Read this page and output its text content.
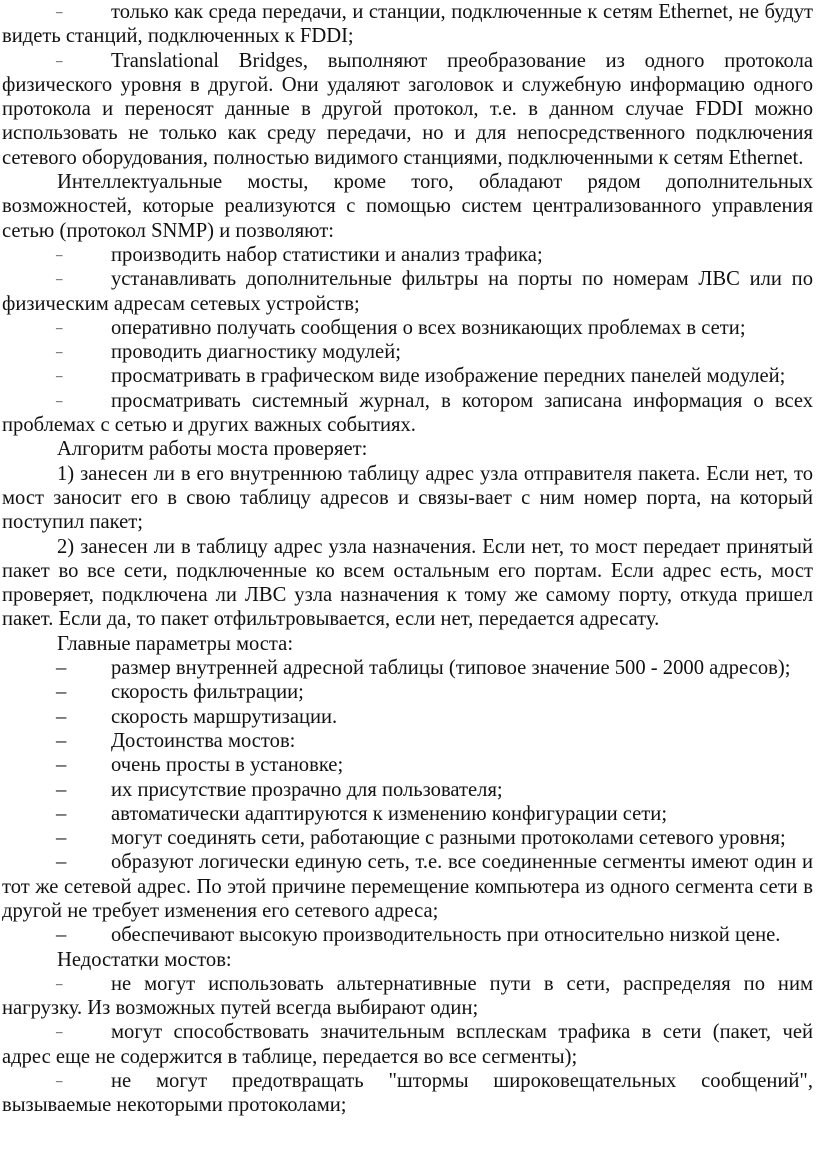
– только как среда передачи, и станции, подключенные к сетям Ethernet, не будут видеть станций, подключенных к FDDI;

– Translational Bridges, выполняют преобразование из одного протокола физического уровня в другой. Они удаляют заголовок и служебную информацию одного протокола и переносят данные в другой протокол, т.е. в данном случае FDDI можно использовать не только как среду передачи, но и для непосредственного подключения сетевого оборудования, полностью видимого станциями, подключенными к сетям Ethernet.

Интеллектуальные мосты, кроме того, обладают рядом дополнительных возможностей, которые реализуются с помощью систем централизованного управления сетью (протокол SNMP) и позволяют:

– производить набор статистики и анализ трафика;

– устанавливать дополнительные фильтры на порты по номерам ЛВС или по физическим адресам сетевых устройств;

– оперативно получать сообщения о всех возникающих проблемах в сети;

– проводить диагностику модулей;

– просматривать в графическом виде изображение передних панелей модулей;

– просматривать системный журнал, в котором записана информация о всех проблемах с сетью и других важных событиях.

Алгоритм работы моста проверяет:

1) занесен ли в его внутреннюю таблицу адрес узла отправителя пакета. Если нет, то мост заносит его в свою таблицу адресов и связы-вает с ним номер порта, на который поступил пакет;

2) занесен ли в таблицу адрес узла назначения. Если нет, то мост передает принятый пакет во все сети, подключенные ко всем остальным его портам. Если адрес есть, мост проверяет, подключена ли ЛВС узла назначения к тому же самому порту, откуда пришел пакет. Если да, то пакет отфильтровывается, если нет, передается адресату.

Главные параметры моста:

– размер внутренней адресной таблицы (типовое значение 500 - 2000 адресов);

– скорость фильтрации;

– скорость маршрутизации.

– Достоинства мостов:

– очень просты в установке;

– их присутствие прозрачно для пользователя;

– автоматически адаптируются к изменению конфигурации сети;

– могут соединять сети, работающие с разными протоколами сетевого уровня;

– образуют логически единую сеть, т.е. все соединенные сегменты имеют один и тот же сетевой адрес. По этой причине перемещение компьютера из одного сегмента сети в другой не требует изменения его сетевого адреса;

– обеспечивают высокую производительность при относительно низкой цене.

Недостатки мостов:

– не могут использовать альтернативные пути в сети, распределяя по ним нагрузку. Из возможных путей всегда выбирают один;

– могут способствовать значительным всплескам трафика в сети (пакет, чей адрес еще не содержится в таблице, передается во все сегменты);

– не могут предотвращать "штормы широковещательных сообщений", вызываемые некоторыми протоколами;
